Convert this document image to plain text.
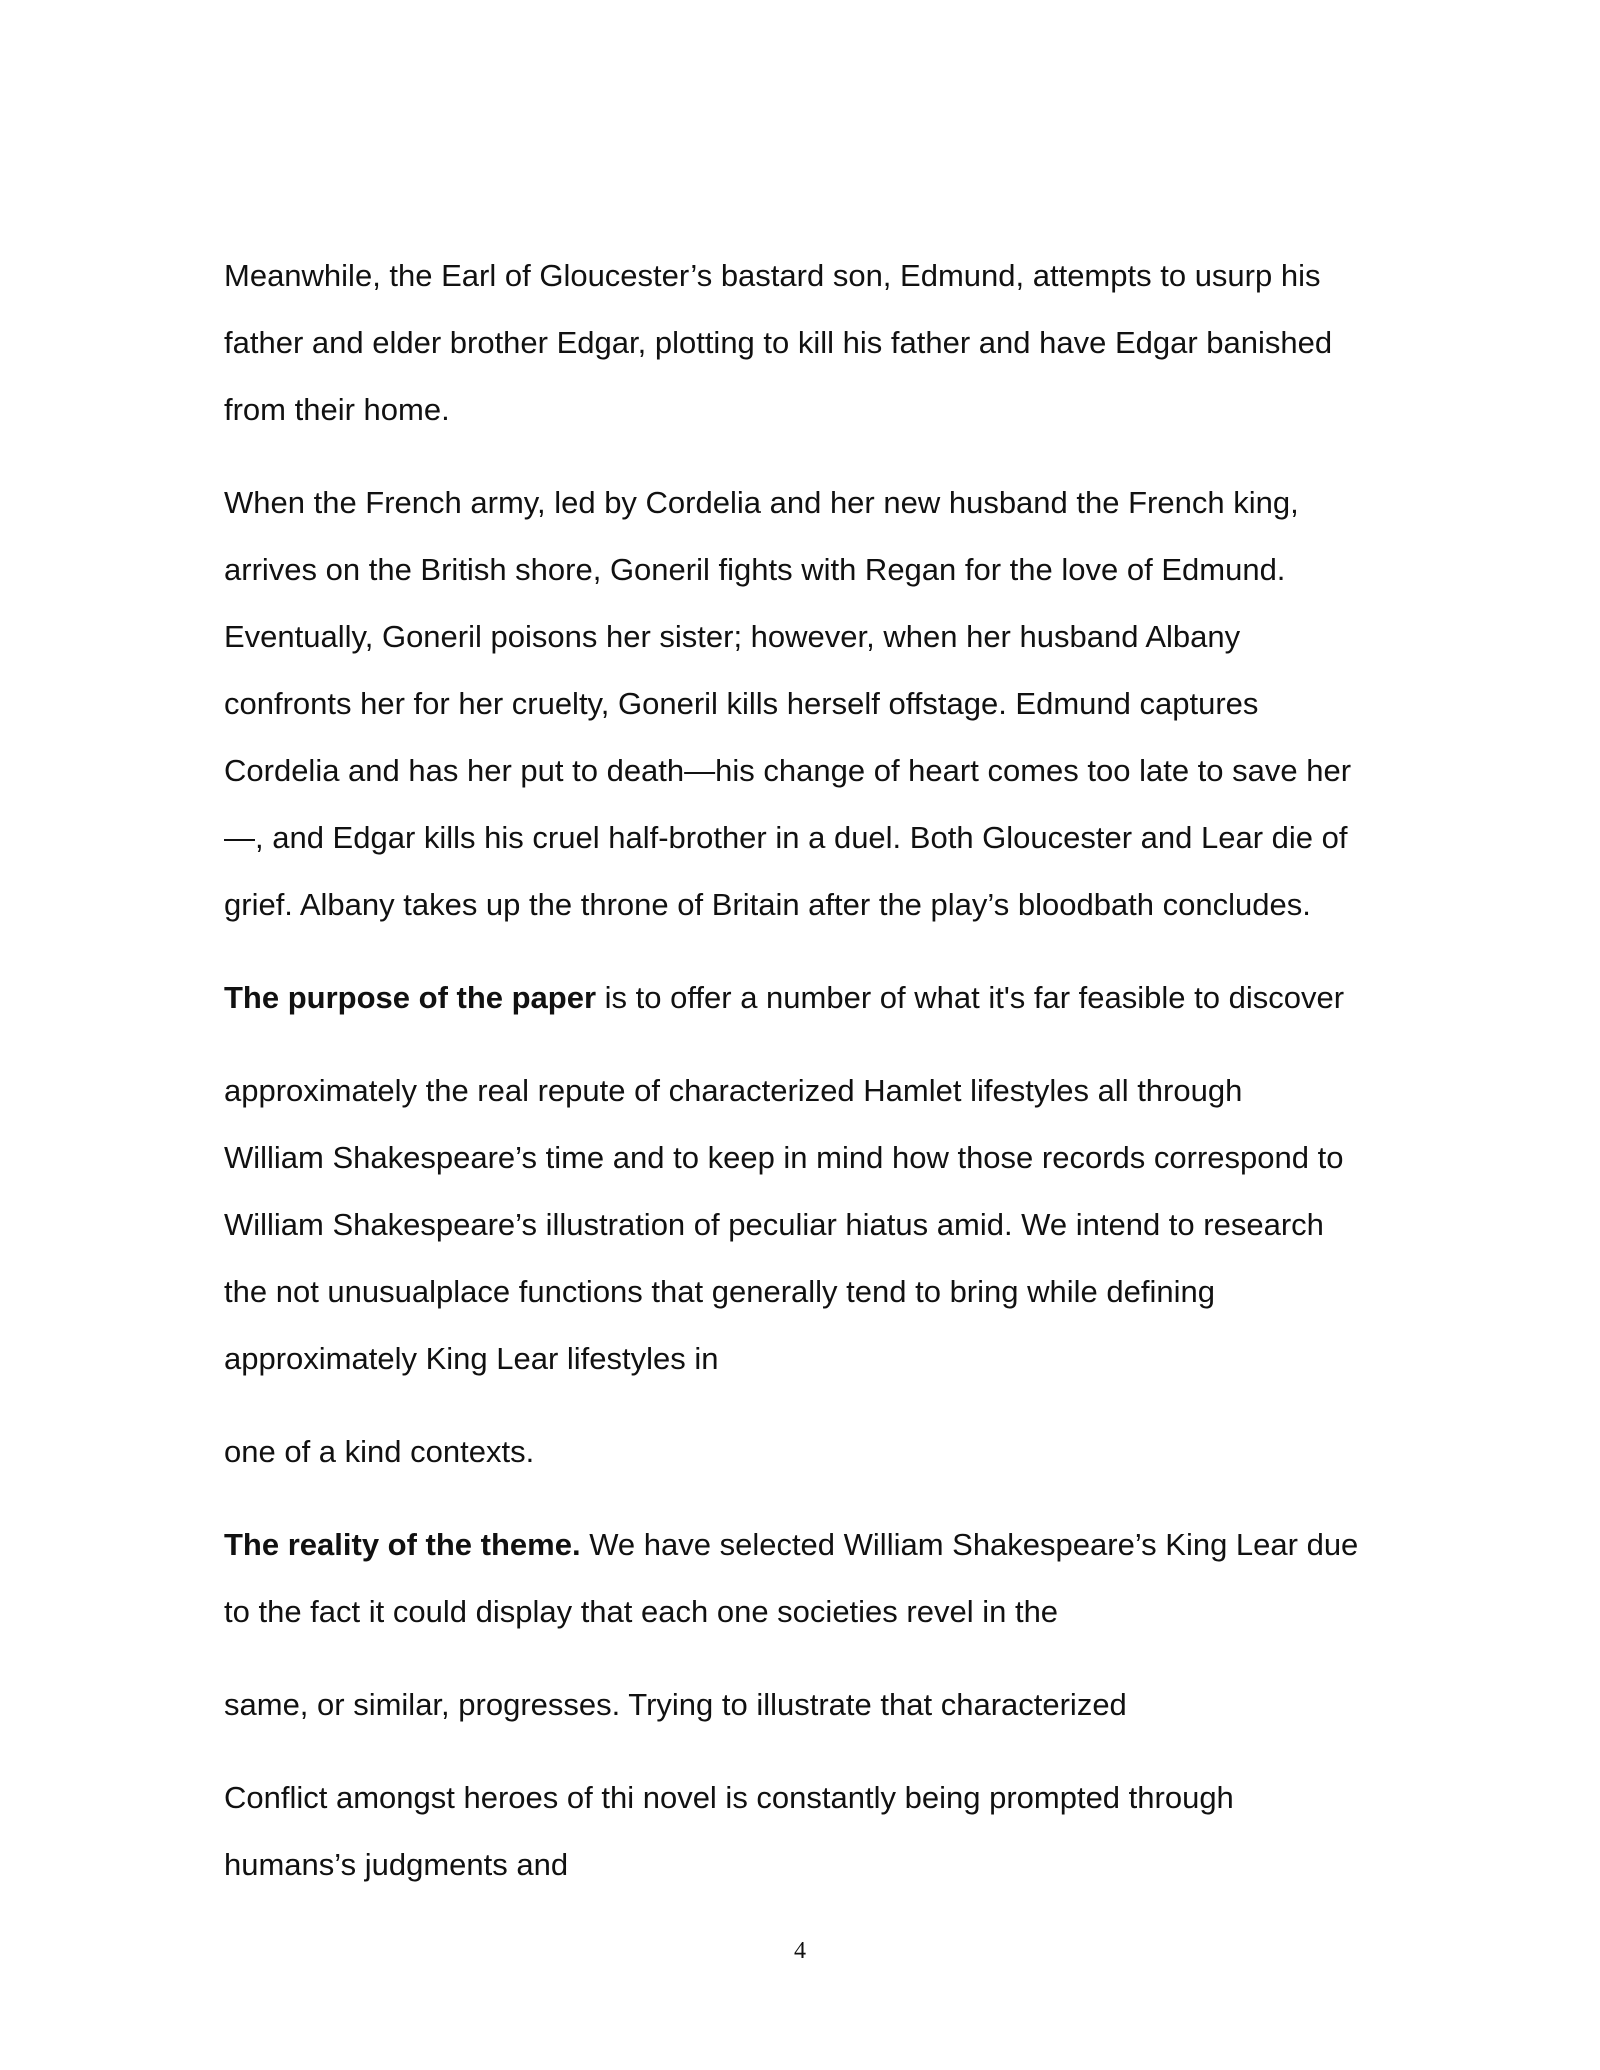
Meanwhile, the Earl of Gloucester’s bastard son, Edmund, attempts to usurp his
father and elder brother Edgar, plotting to kill his father and have Edgar banished
from their home.

When the French army, led by Cordelia and her new husband the French king,
arrives on the British shore, Goneril fights with Regan for the love of Edmund.
Eventually, Goneril poisons her sister; however, when her husband Albany
confronts her for her cruelty, Goneril kills herself offstage. Edmund captures
Cordelia and has her put to death—his change of heart comes too late to save her
—, and Edgar kills his cruel half-brother in a duel. Both Gloucester and Lear die of
grief. Albany takes up the throne of Britain after the play’s bloodbath concludes.

The purpose of the paper is to offer a number of what it's far feasible to discover

approximately the real repute of characterized Hamlet lifestyles all through
William Shakespeare’s time and to keep in mind how those records correspond to
William Shakespeare’s illustration of peculiar hiatus amid. We intend to research
the not unusualplace functions that generally tend to bring while defining
approximately King Lear lifestyles in

one of a kind contexts.

The reality of the theme. We have selected William Shakespeare’s King Lear due
to the fact it could display that each one societies revel in the

same, or similar, progresses. Trying to illustrate that characterized

Conflict amongst heroes of thi novel is constantly being prompted through
humans’s judgments and

4
